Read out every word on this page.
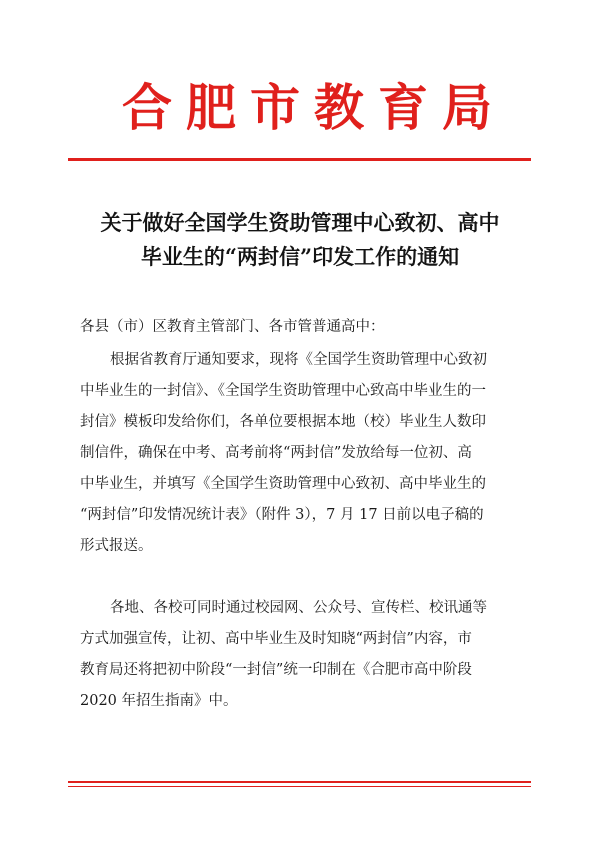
合肥市教育局
关于做好全国学生资助管理中心致初、高中
毕业生的“两封信”印发工作的通知
各县（市）区教育主管部门、各市管普通高中：
根据省教育厅通知要求，现将《全国学生资助管理中心致初
中毕业生的一封信》、《全国学生资助管理中心致高中毕业生的一
封信》模板印发给你们，各单位要根据本地（校）毕业生人数印
制信件，确保在中考、高考前将“两封信”发放给每一位初、高
中毕业生，并填写《全国学生资助管理中心致初、高中毕业生的
“两封信”印发情况统计表》（附件 3），7 月 17 日前以电子稿的
形式报送。
各地、各校可同时通过校园网、公众号、宣传栏、校讯通等
方式加强宣传，让初、高中毕业生及时知晓“两封信”内容，市
教育局还将把初中阶段“一封信”统一印制在《合肥市高中阶段
2020 年招生指南》中。
